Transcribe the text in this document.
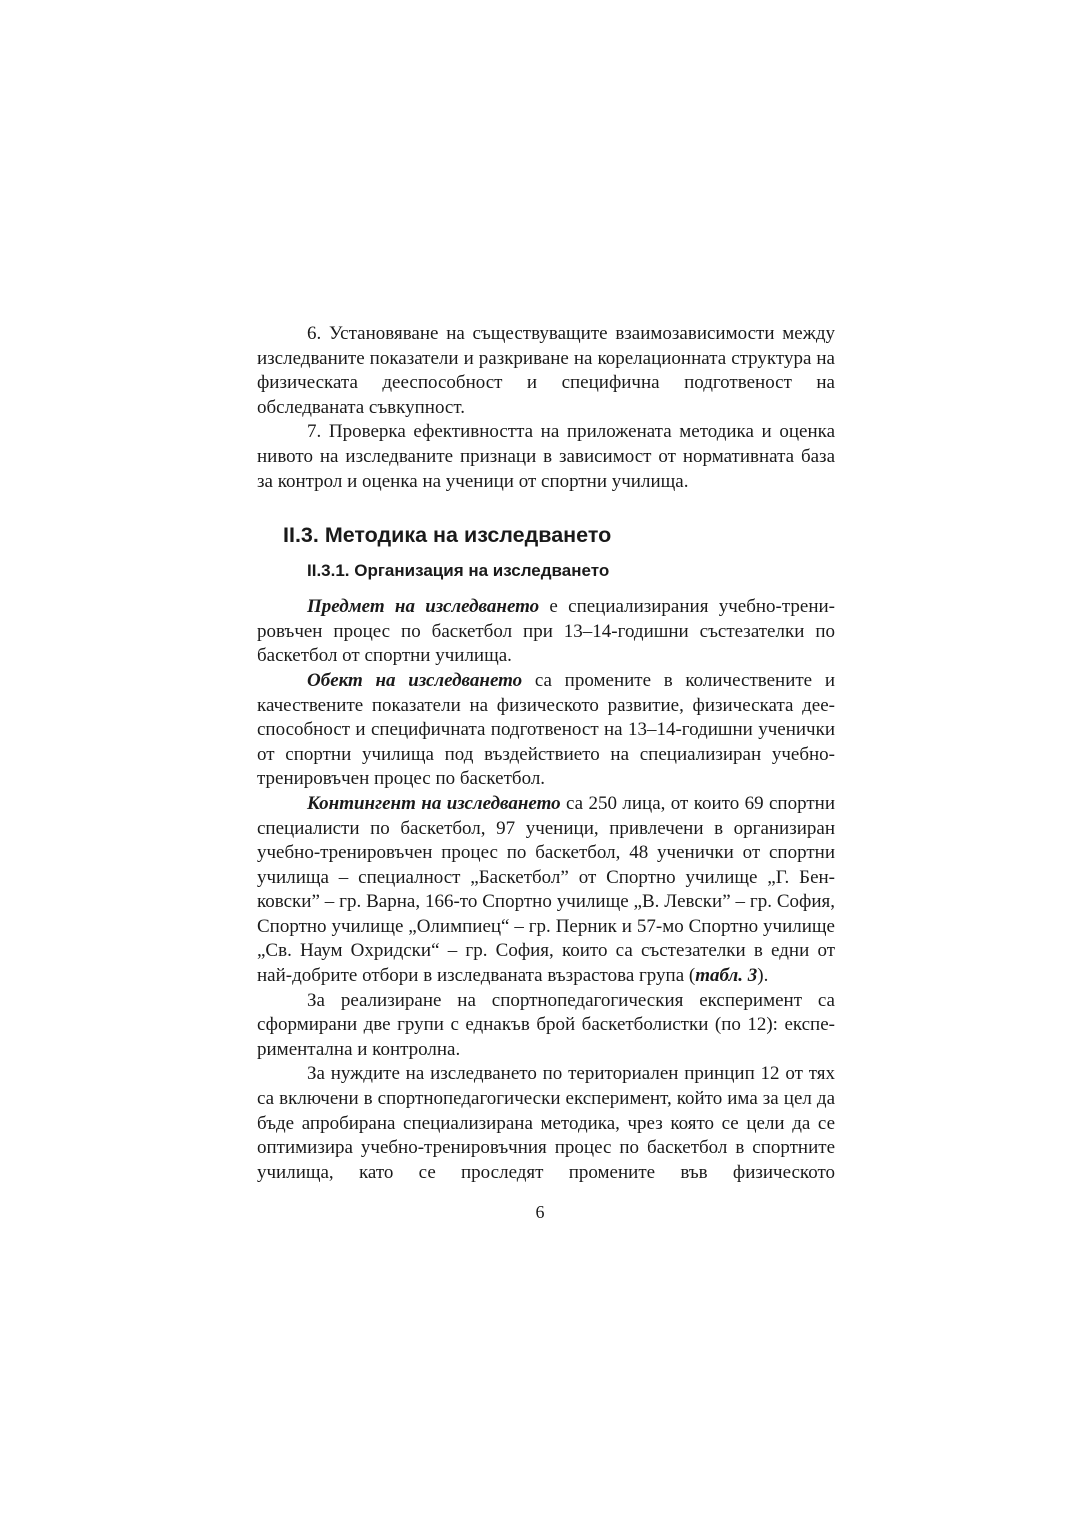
6. Установяване на съществуващите взаимозависимости между изследваните показатели и разкриване на корелационната структура на физическата дееспособност и специфична подготвеност на обследваната съвкупност.

7. Проверка ефективността на приложената методика и оценка нивото на изследваните признаци в зависимост от нормативната база за контрол и оценка на ученици от спортни училища.

II.3. Методика на изследването
II.3.1. Организация на изследването

Предмет на изследването е специализирания учебно-тренировъчен процес по баскетбол при 13–14-годишни състезателки по баскетбол от спортни училища.

Обект на изследването са промените в количествените и качествените показатели на физическото развитие, физическата дееспособност и специфичната подготвеност на 13–14-годишни ученички от спортни училища под въздействието на специализиран учебно-тренировъчен процес по баскетбол.

Контингент на изследването са 250 лица, от които 69 спортни специалисти по баскетбол, 97 ученици, привлечени в организиран учебно-тренировъчен процес по баскетбол, 48 ученички от спортни училища – специалност „Баскетбол” от Спортно училище „Г. Бенковски” – гр. Варна, 166-то Спортно училище „В. Левски” – гр. София, Спортно училище „Олимпиец“ – гр. Перник и 57-мо Спортно училище „Св. Наум Охридски“ – гр. София, които са състезателки в едни от най-добрите отбори в изследваната възрастова група (табл. 3).

За реализиране на спортнопедагогическия експеримент са сформирани две групи с еднакъв брой баскетболистки (по 12): експериментална и контролна.

За нуждите на изследването по териториален принцип 12 от тях са включени в спортнопедагогически експеримент, който има за цел да бъде апробирана специализирана методика, чрез която се цели да се оптимизира учебно-тренировъчния процес по баскетбол в спортните училища, като се проследят промените във физическото

6
